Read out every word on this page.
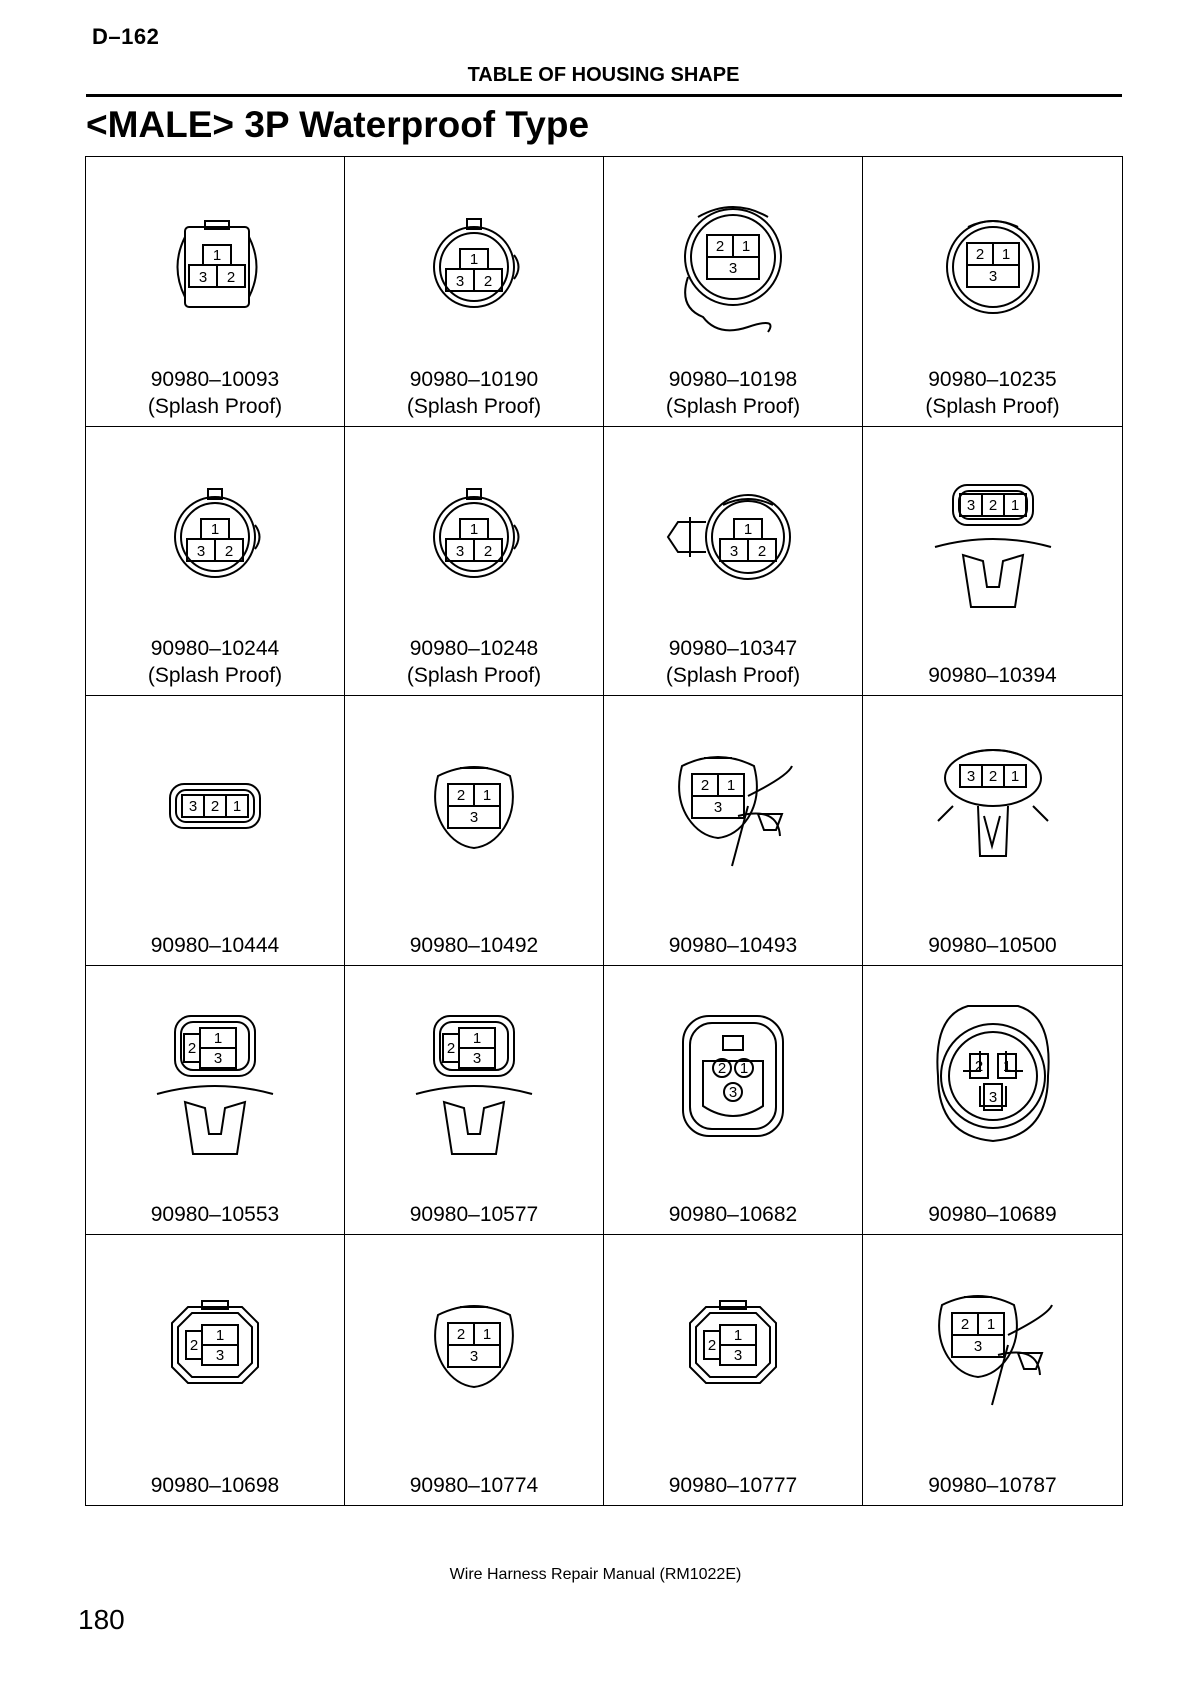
D–162
TABLE OF HOUSING SHAPE
<MALE> 3P Waterproof Type
1
3 2
90980–10093
(Splash Proof)
1
3 2
90980–10190
(Splash Proof)
2 1
3
90980–10198
(Splash Proof)
2 1
3
90980–10235
(Splash Proof)
1
3 2
90980–10244
(Splash Proof)
1
3 2
90980–10248
(Splash Proof)
1
3 2
90980–10347
(Splash Proof)
3 2 1
90980–10394
3 2 1
90980–10444
2 1
3
90980–10492
2 1
3
90980–10493
3 2 1
90980–10500
2
1
3
90980–10553
2
1
3
90980–10577
2 1
3
90980–10682
2 1
3
90980–10689
2
1
3
90980–10698
2 1
3
90980–10774
2
1
3
90980–10777
2 1
3
90980–10787
Wire Harness Repair Manual (RM1022E)
180
